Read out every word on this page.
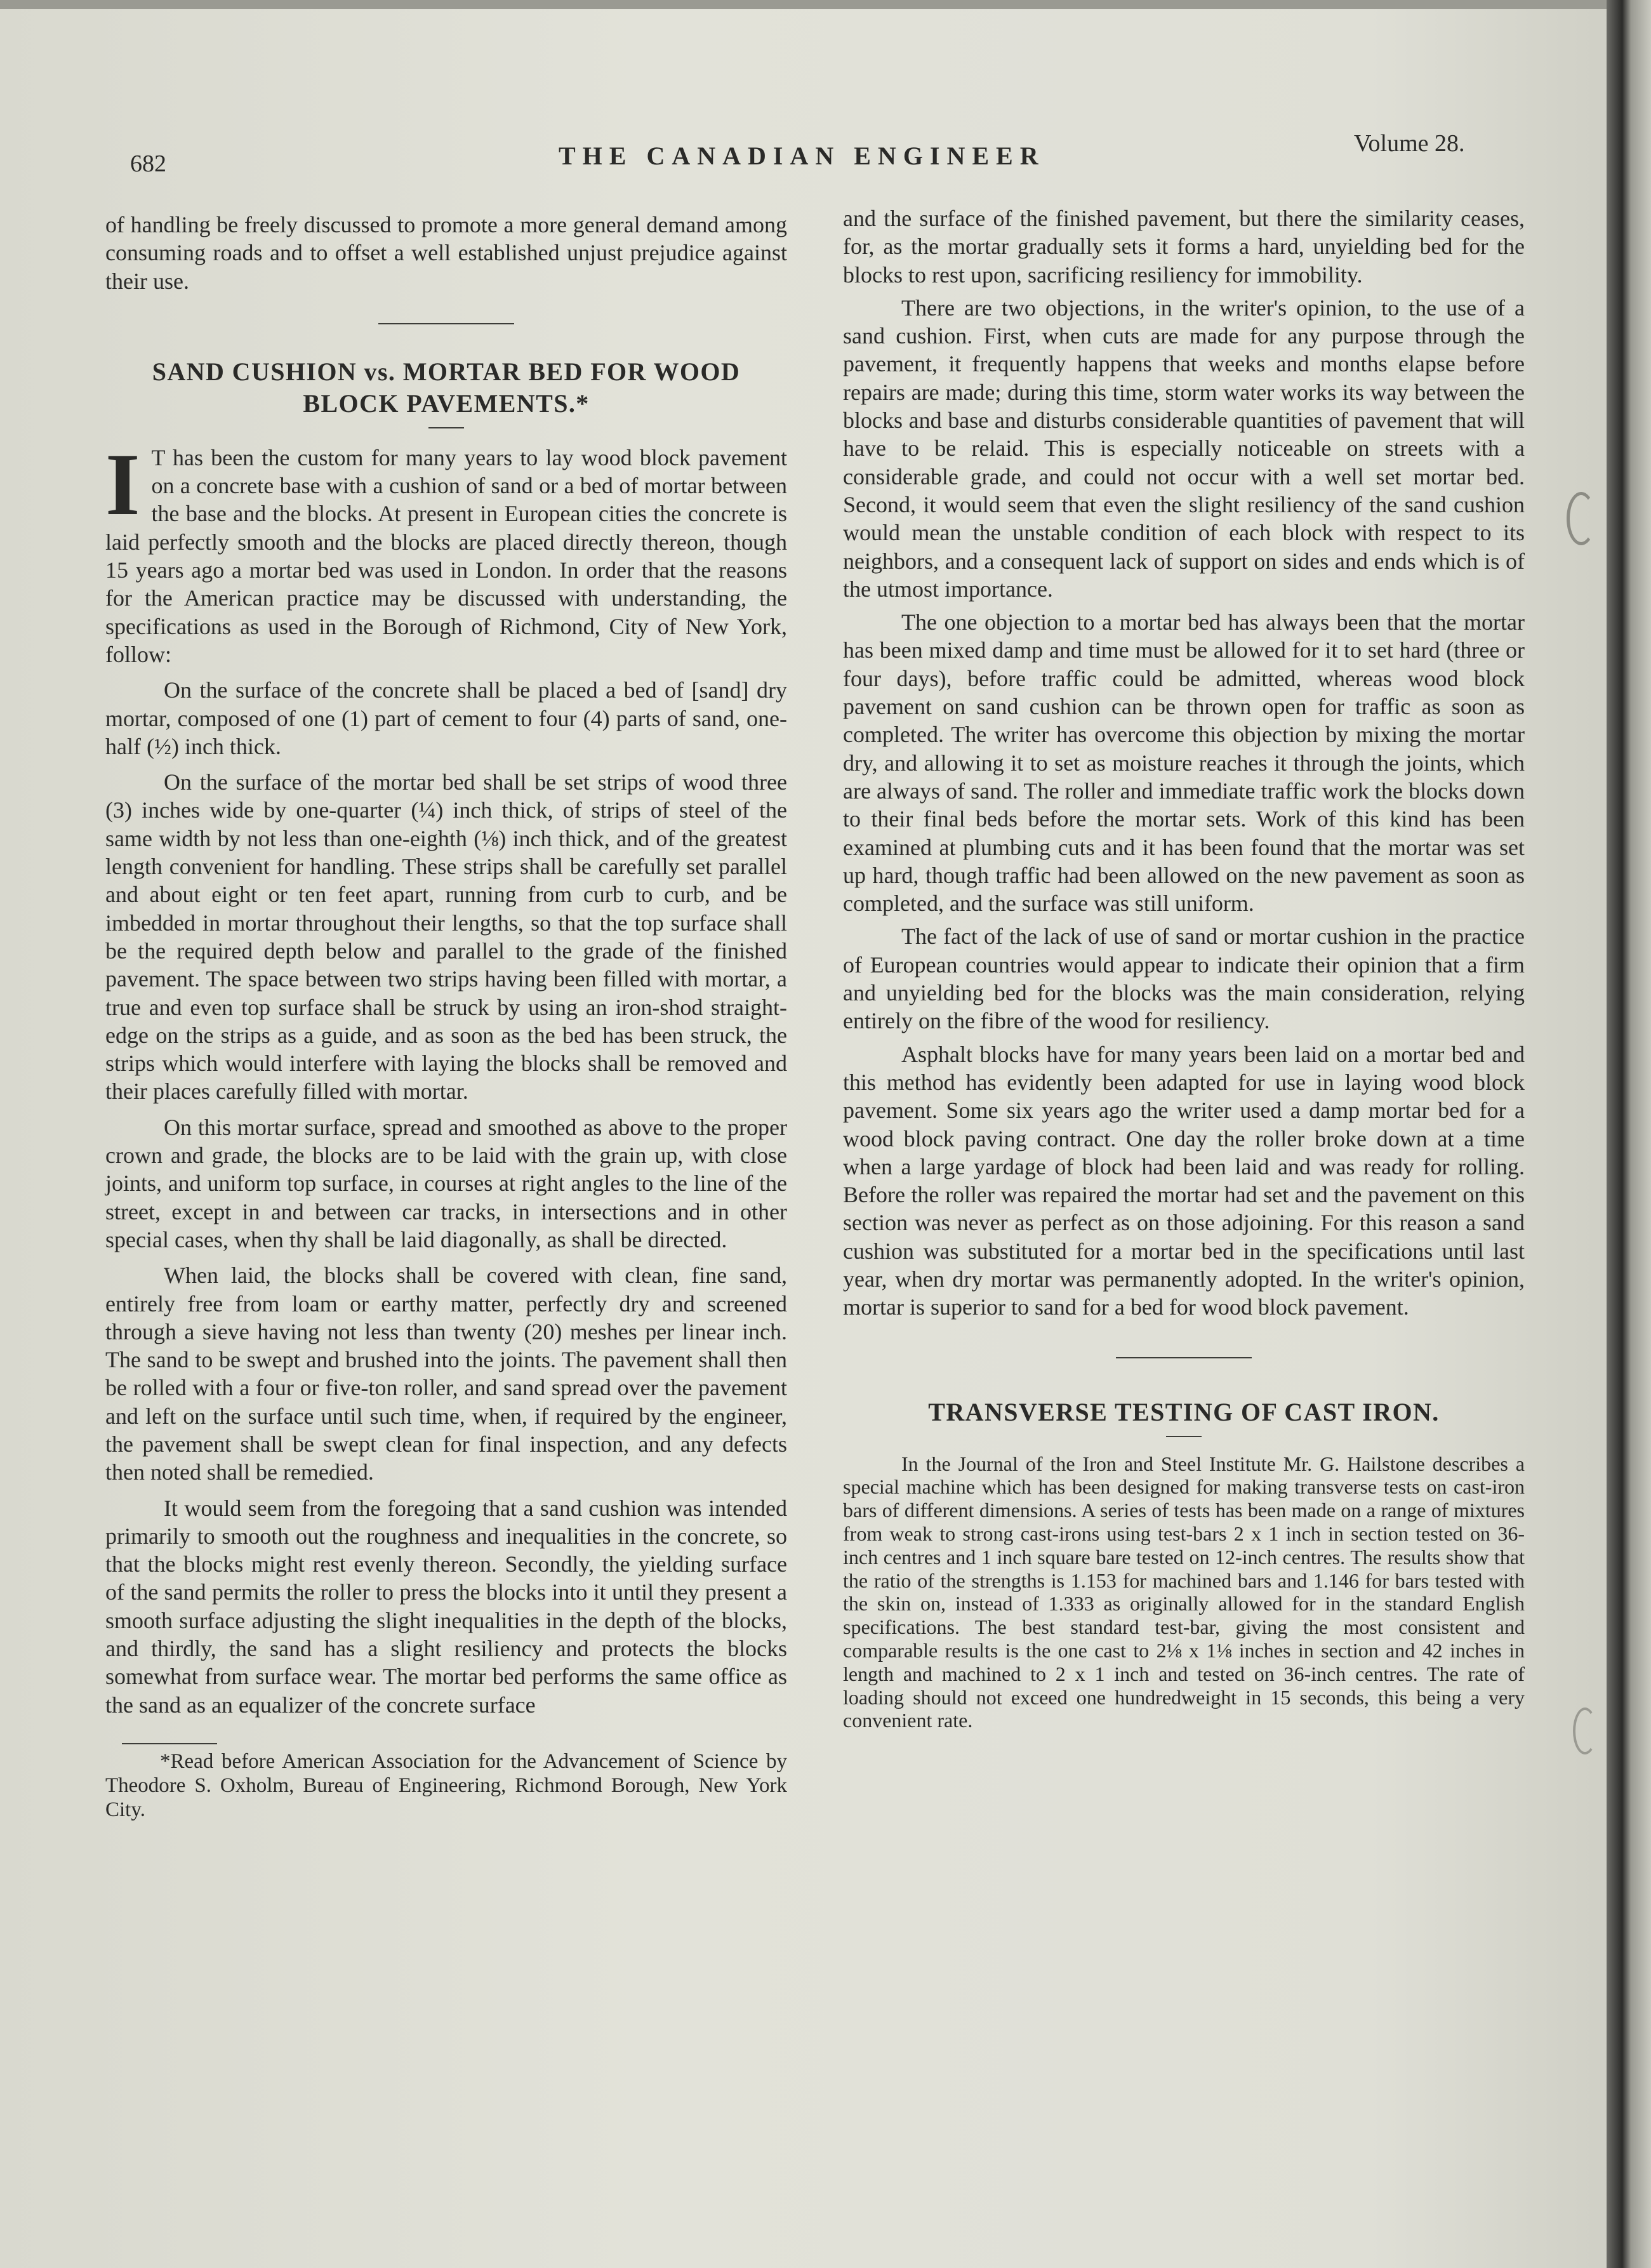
682	THE CANADIAN ENGINEER	Volume 28.

of handling be freely discussed to promote a more general demand among consuming roads and to offset a well established unjust prejudice against their use.

SAND CUSHION vs. MORTAR BED FOR WOOD BLOCK PAVEMENTS.*

I T has been the custom for many years to lay wood block pavement on a concrete base with a cushion of sand or a bed of mortar between the base and the blocks. At present in European cities the concrete is laid perfectly smooth and the blocks are placed directly thereon, though 15 years ago a mortar bed was used in London. In order that the reasons for the American practice may be discussed with understanding, the specifications as used in the Borough of Richmond, City of New York, follow:

On the surface of the concrete shall be placed a bed of [sand] dry mortar, composed of one (1) part of cement to four (4) parts of sand, one-half (½) inch thick.

On the surface of the mortar bed shall be set strips of wood three (3) inches wide by one-quarter (¼) inch thick, of strips of steel of the same width by not less than one-eighth (⅛) inch thick, and of the greatest length convenient for handling. These strips shall be carefully set parallel and about eight or ten feet apart, running from curb to curb, and be imbedded in mortar throughout their lengths, so that the top surface shall be the required depth below and parallel to the grade of the finished pavement. The space between two strips having been filled with mortar, a true and even top surface shall be struck by using an iron-shod straight-edge on the strips as a guide, and as soon as the bed has been struck, the strips which would interfere with laying the blocks shall be removed and their places carefully filled with mortar.

On this mortar surface, spread and smoothed as above to the proper crown and grade, the blocks are to be laid with the grain up, with close joints, and uniform top surface, in courses at right angles to the line of the street, except in and between car tracks, in intersections and in other special cases, when thy shall be laid diagonally, as shall be directed.

When laid, the blocks shall be covered with clean, fine sand, entirely free from loam or earthy matter, perfectly dry and screened through a sieve having not less than twenty (20) meshes per linear inch. The sand to be swept and brushed into the joints. The pavement shall then be rolled with a four or five-ton roller, and sand spread over the pavement and left on the surface until such time, when, if required by the engineer, the pavement shall be swept clean for final inspection, and any defects then noted shall be remedied.

It would seem from the foregoing that a sand cushion was intended primarily to smooth out the roughness and inequalities in the concrete, so that the blocks might rest evenly thereon. Secondly, the yielding surface of the sand permits the roller to press the blocks into it until they present a smooth surface adjusting the slight inequalities in the depth of the blocks, and thirdly, the sand has a slight resiliency and protects the blocks somewhat from surface wear. The mortar bed performs the same office as the sand as an equalizer of the concrete surface

*Read before American Association for the Advancement of Science by Theodore S. Oxholm, Bureau of Engineering, Richmond Borough, New York City.

and the surface of the finished pavement, but there the similarity ceases, for, as the mortar gradually sets it forms a hard, unyielding bed for the blocks to rest upon, sacrificing resiliency for immobility.

There are two objections, in the writer's opinion, to the use of a sand cushion. First, when cuts are made for any purpose through the pavement, it frequently happens that weeks and months elapse before repairs are made; during this time, storm water works its way between the blocks and base and disturbs considerable quantities of pavement that will have to be relaid. This is especially noticeable on streets with a considerable grade, and could not occur with a well set mortar bed. Second, it would seem that even the slight resiliency of the sand cushion would mean the unstable condition of each block with respect to its neighbors, and a consequent lack of support on sides and ends which is of the utmost importance.

The one objection to a mortar bed has always been that the mortar has been mixed damp and time must be allowed for it to set hard (three or four days), before traffic could be admitted, whereas wood block pavement on sand cushion can be thrown open for traffic as soon as completed. The writer has overcome this objection by mixing the mortar dry, and allowing it to set as moisture reaches it through the joints, which are always of sand. The roller and immediate traffic work the blocks down to their final beds before the mortar sets. Work of this kind has been examined at plumbing cuts and it has been found that the mortar was set up hard, though traffic had been allowed on the new pavement as soon as completed, and the surface was still uniform.

The fact of the lack of use of sand or mortar cushion in the practice of European countries would appear to indicate their opinion that a firm and unyielding bed for the blocks was the main consideration, relying entirely on the fibre of the wood for resiliency.

Asphalt blocks have for many years been laid on a mortar bed and this method has evidently been adapted for use in laying wood block pavement. Some six years ago the writer used a damp mortar bed for a wood block paving contract. One day the roller broke down at a time when a large yardage of block had been laid and was ready for rolling. Before the roller was repaired the mortar had set and the pavement on this section was never as perfect as on those adjoining. For this reason a sand cushion was substituted for a mortar bed in the specifications until last year, when dry mortar was permanently adopted. In the writer's opinion, mortar is superior to sand for a bed for wood block pavement.

TRANSVERSE TESTING OF CAST IRON.

In the Journal of the Iron and Steel Institute Mr. G. Hailstone describes a special machine which has been designed for making transverse tests on cast-iron bars of different dimensions. A series of tests has been made on a range of mixtures from weak to strong cast-irons using test-bars 2 x 1 inch in section tested on 36-inch centres and 1 inch square bare tested on 12-inch centres. The results show that the ratio of the strengths is 1.153 for machined bars and 1.146 for bars tested with the skin on, instead of 1.333 as originally allowed for in the standard English specifications. The best standard test-bar, giving the most consistent and comparable results is the one cast to 2⅛ x 1⅛ inches in section and 42 inches in length and machined to 2 x 1 inch and tested on 36-inch centres. The rate of loading should not exceed one hundredweight in 15 seconds, this being a very convenient rate.
